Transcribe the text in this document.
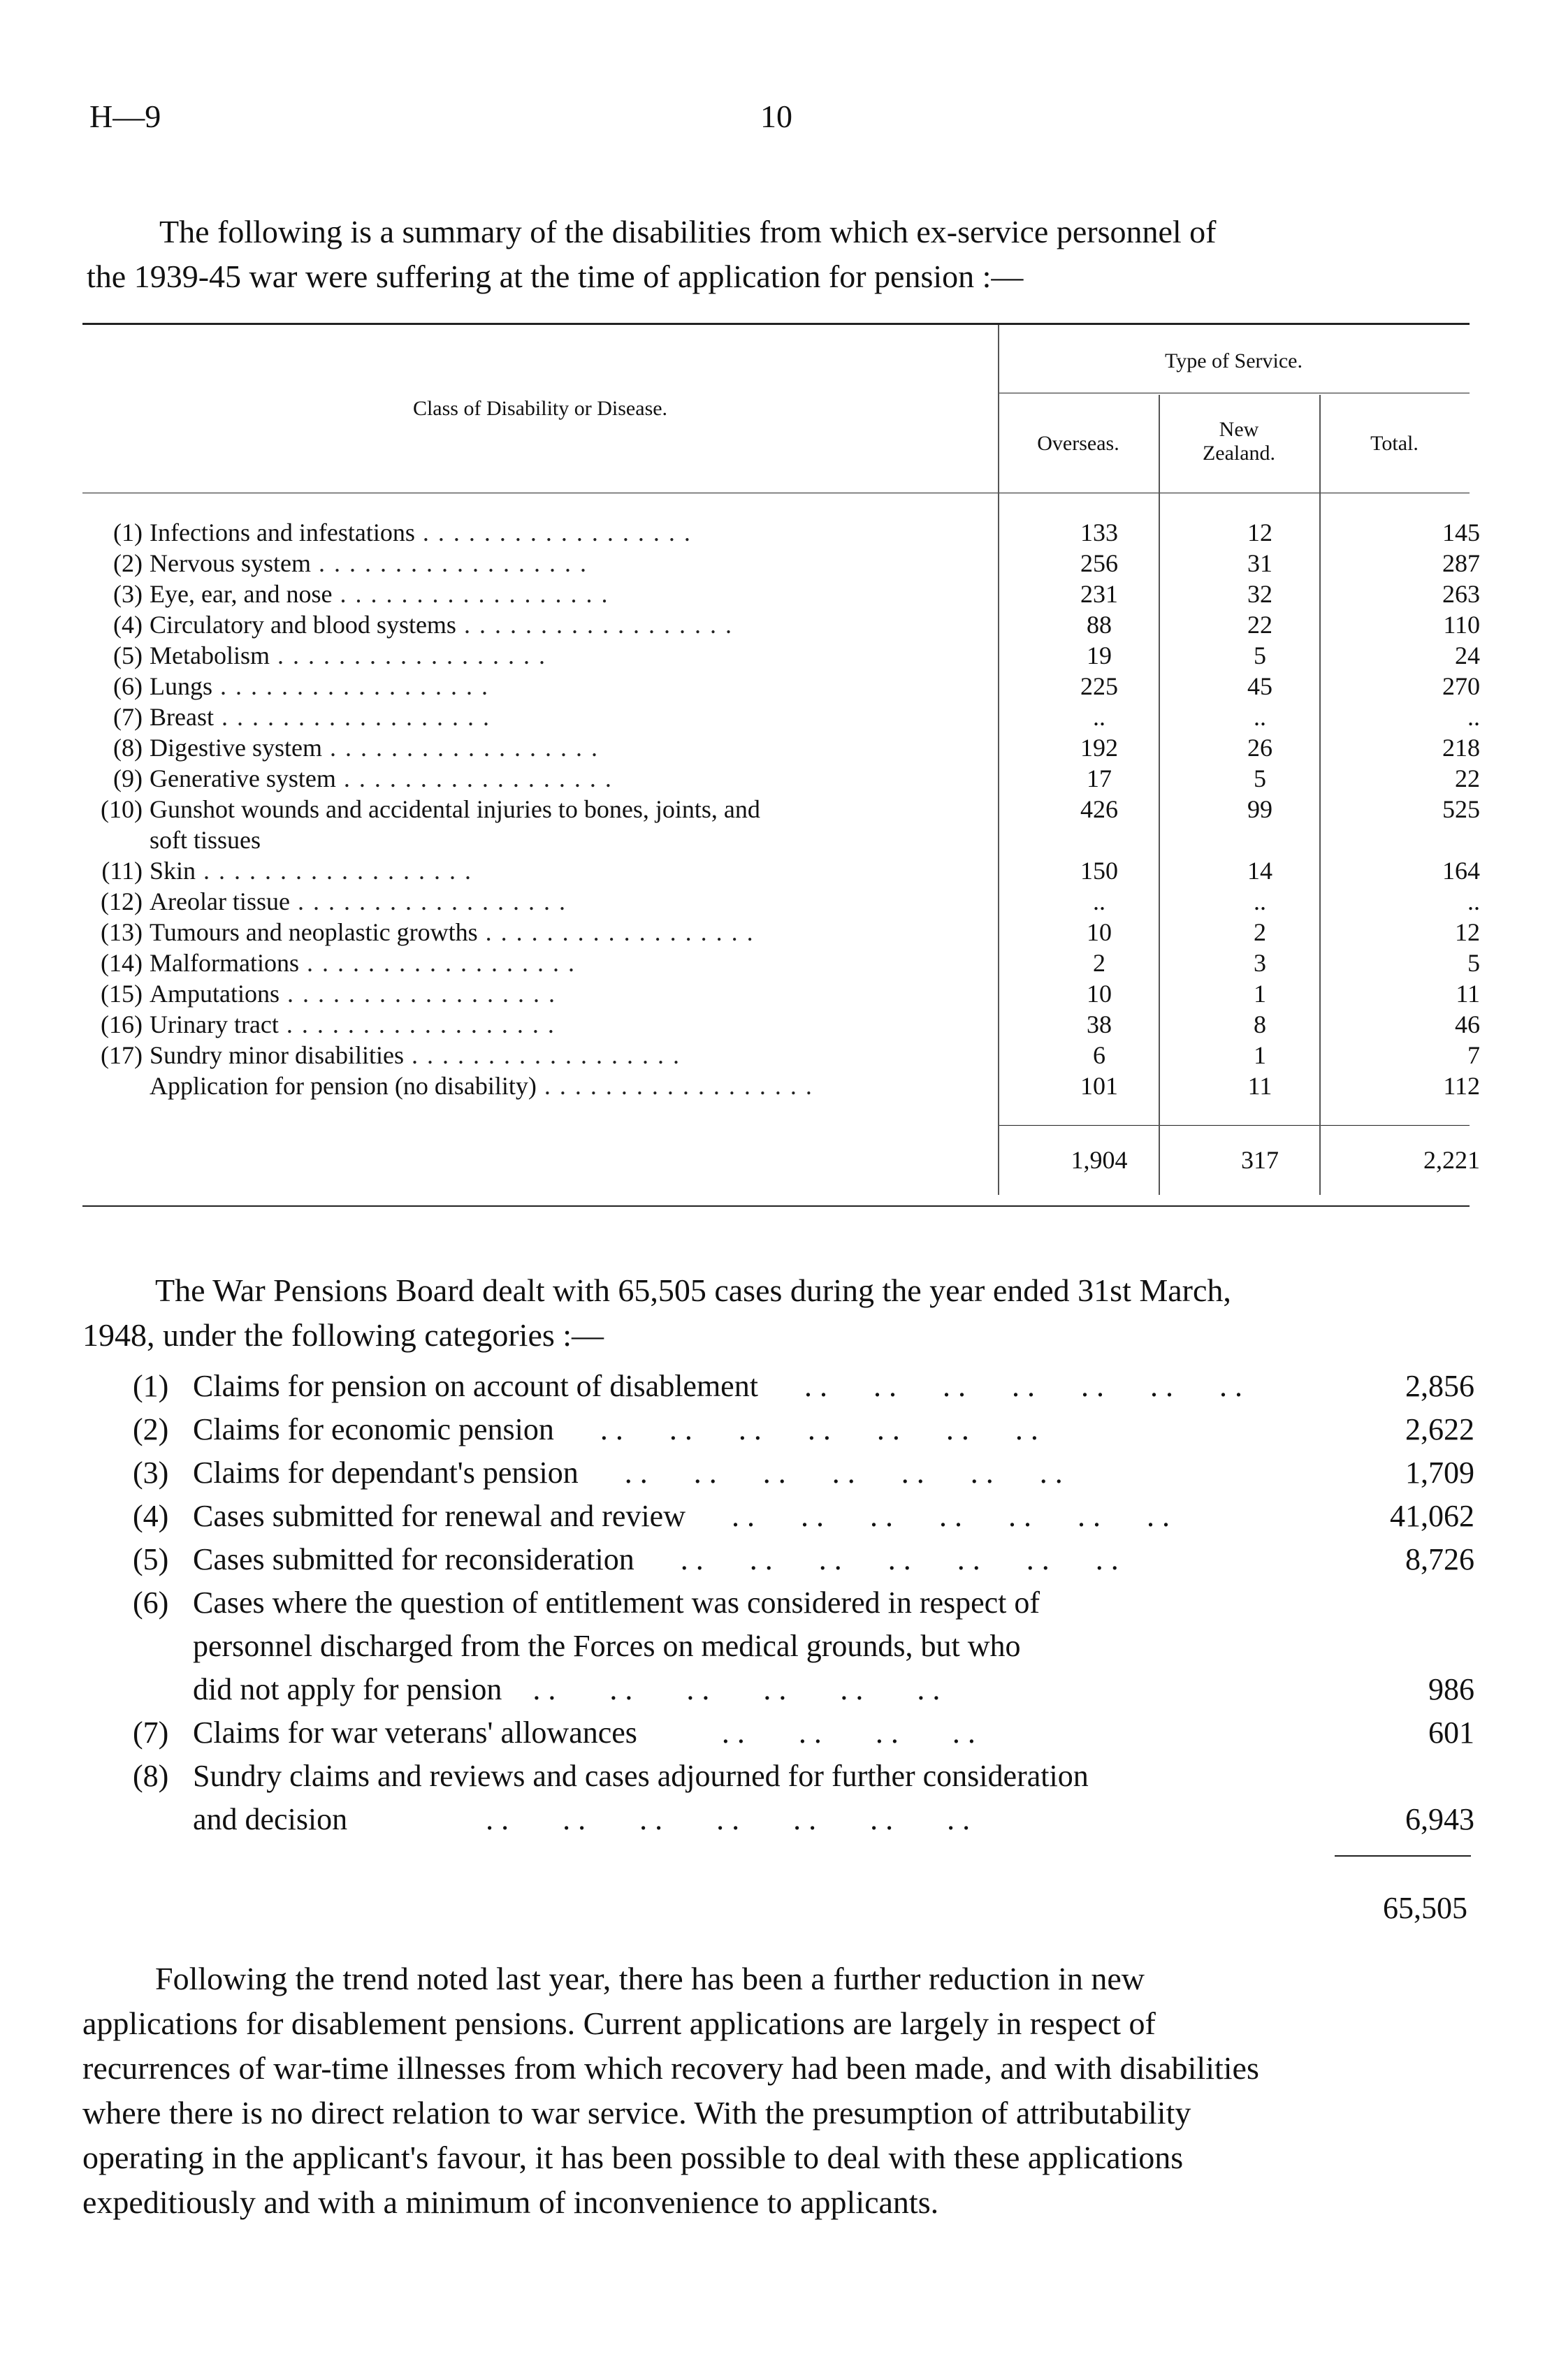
H—9	10
The following is a summary of the disabilities from which ex-service personnel of
the 1939-45 war were suffering at the time of application for pension :—
Class of Disability or Disease.
Type of Service.
Overseas.
New
Zealand.	Total.
(1) Infections and infestations . . . . . . . . . . . . . . . . . .	133	12	145
(2) Nervous system . . . . . . . . . . . . . . . . . .	256	31	287
(3) Eye, ear, and nose . . . . . . . . . . . . . . . . . .	231	32	263
(4) Circulatory and blood systems . . . . . . . . . . . . . . . . . .	88	22	110
(5) Metabolism . . . . . . . . . . . . . . . . . .	19	5	24
(6) Lungs . . . . . . . . . . . . . . . . . .	225	45	270
(7) Breast . . . . . . . . . . . . . . . . . .	..	..	..
(8) Digestive system . . . . . . . . . . . . . . . . . .	192	26	218
(9) Generative system . . . . . . . . . . . . . . . . . .	17	5	22
(10) Gunshot wounds and accidental injuries to bones, joints, and	426	99	525
soft tissues
(11) Skin . . . . . . . . . . . . . . . . . .	150	14	164
(12) Areolar tissue . . . . . . . . . . . . . . . . . .	..	..	..
(13) Tumours and neoplastic growths . . . . . . . . . . . . . . . . . .	10	2	12
(14) Malformations . . . . . . . . . . . . . . . . . .	2	3	5
(15) Amputations . . . . . . . . . . . . . . . . . .	10	1	11
(16) Urinary tract . . . . . . . . . . . . . . . . . .	38	8	46
(17) Sundry minor disabilities . . . . . . . . . . . . . . . . . .	6	1	7
Application for pension (no disability) . . . . . . . . . . . . . . . . . .	101	11	112
1,904	317	2,221
The War Pensions Board dealt with 65,505 cases during the year ended 31st March,
1948, under the following categories :—
(1) Claims for pension on account of disablement      . .      . .      . .      . .      . .      . .      . .	2,856
(2) Claims for economic pension      . .      . .      . .      . .      . .      . .      . .	2,622
(3) Claims for dependant's pension      . .      . .      . .      . .      . .      . .      . .	1,709
(4) Cases submitted for renewal and review      . .      . .      . .      . .      . .      . .      . .	41,062
(5) Cases submitted for reconsideration      . .      . .      . .      . .      . .      . .      . .	8,726
(6) Cases where the question of entitlement was considered in respect of
personnel discharged from the Forces on medical grounds, but who
did not apply for pension    . .       . .       . .       . .       . .       . .	986
(7) Claims for war veterans' allowances           . .       . .       . .       . .	601
(8) Sundry claims and reviews and cases adjourned for further consideration
and decision                  . .       . .       . .       . .       . .       . .       . .	6,943
65,505
Following the trend noted last year, there has been a further reduction in new
applications for disablement pensions. Current applications are largely in respect of
recurrences of war-time illnesses from which recovery had been made, and with disabilities
where there is no direct relation to war service. With the presumption of attributability
operating in the applicant's favour, it has been possible to deal with these applications
expeditiously and with a minimum of inconvenience to applicants.
